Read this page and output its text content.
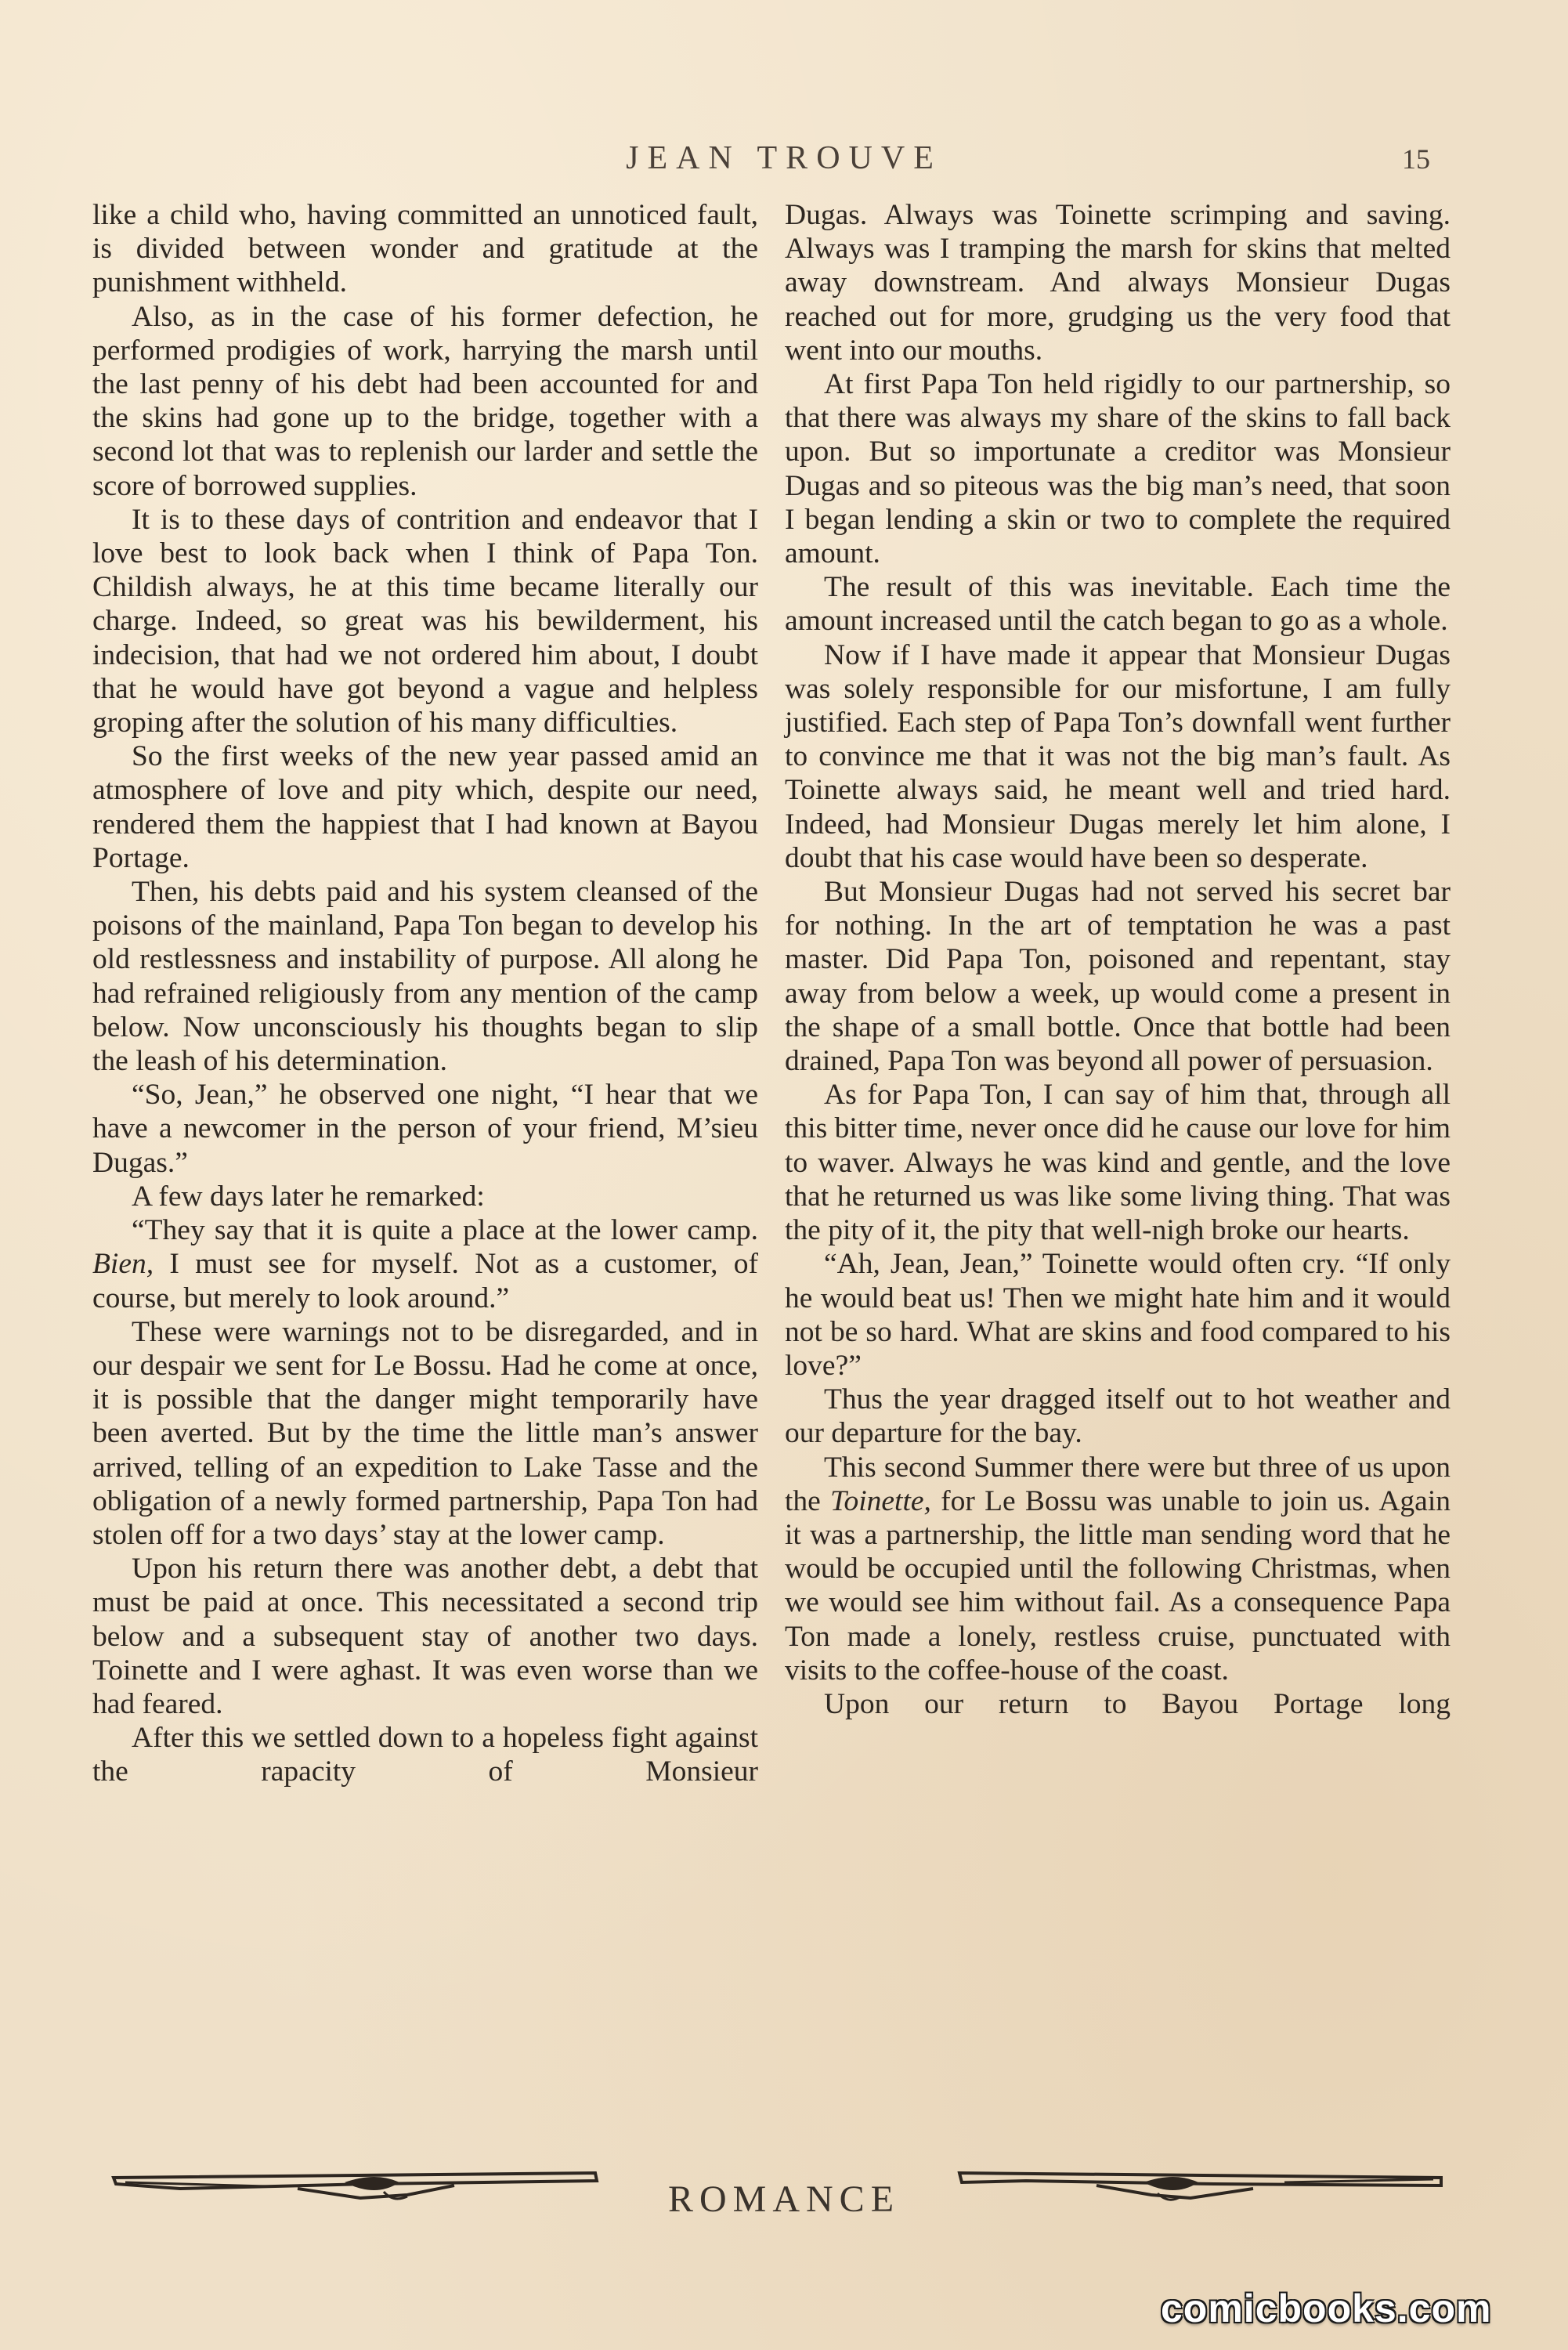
JEAN TROUVE	15

like a child who, having committed an unnoticed fault, is divided between wonder and gratitude at the punishment withheld.

Also, as in the case of his former defection, he performed prodigies of work, harrying the marsh until the last penny of his debt had been accounted for and the skins had gone up to the bridge, together with a second lot that was to replenish our larder and settle the score of borrowed supplies.

It is to these days of contrition and endeavor that I love best to look back when I think of Papa Ton. Childish always, he at this time became literally our charge. Indeed, so great was his bewilderment, his indecision, that had we not ordered him about, I doubt that he would have got beyond a vague and helpless groping after the solution of his many difficulties.

So the first weeks of the new year passed amid an atmosphere of love and pity which, despite our need, rendered them the happiest that I had known at Bayou Portage.

Then, his debts paid and his system cleansed of the poisons of the mainland, Papa Ton began to develop his old restlessness and instability of purpose. All along he had refrained religiously from any mention of the camp below. Now unconsciously his thoughts began to slip the leash of his determination.

“So, Jean,” he observed one night, “I hear that we have a newcomer in the person of your friend, M’sieu Dugas.”

A few days later he remarked:

“They say that it is quite a place at the lower camp. Bien, I must see for myself. Not as a customer, of course, but merely to look around.”

These were warnings not to be disregarded, and in our despair we sent for Le Bossu. Had he come at once, it is possible that the danger might temporarily have been averted. But by the time the little man’s answer arrived, telling of an expedition to Lake Tasse and the obligation of a newly formed partnership, Papa Ton had stolen off for a two days’ stay at the lower camp.

Upon his return there was another debt, a debt that must be paid at once. This necessitated a second trip below and a subsequent stay of another two days. Toinette and I were aghast. It was even worse than we had feared.

After this we settled down to a hopeless fight against the rapacity of Monsieur

Dugas. Always was Toinette scrimping and saving. Always was I tramping the marsh for skins that melted away downstream. And always Monsieur Dugas reached out for more, grudging us the very food that went into our mouths.

At first Papa Ton held rigidly to our partnership, so that there was always my share of the skins to fall back upon. But so importunate a creditor was Monsieur Dugas and so piteous was the big man’s need, that soon I began lending a skin or two to complete the required amount.

The result of this was inevitable. Each time the amount increased until the catch began to go as a whole.

Now if I have made it appear that Monsieur Dugas was solely responsible for our misfortune, I am fully justified. Each step of Papa Ton’s downfall went further to convince me that it was not the big man’s fault. As Toinette always said, he meant well and tried hard. Indeed, had Monsieur Dugas merely let him alone, I doubt that his case would have been so desperate.

But Monsieur Dugas had not served his secret bar for nothing. In the art of temptation he was a past master. Did Papa Ton, poisoned and repentant, stay away from below a week, up would come a present in the shape of a small bottle. Once that bottle had been drained, Papa Ton was beyond all power of persuasion.

As for Papa Ton, I can say of him that, through all this bitter time, never once did he cause our love for him to waver. Always he was kind and gentle, and the love that he returned us was like some living thing. That was the pity of it, the pity that well-nigh broke our hearts.

“Ah, Jean, Jean,” Toinette would often cry. “If only he would beat us! Then we might hate him and it would not be so hard. What are skins and food compared to his love?”

Thus the year dragged itself out to hot weather and our departure for the bay.

This second Summer there were but three of us upon the Toinette, for Le Bossu was unable to join us. Again it was a partnership, the little man sending word that he would be occupied until the following Christmas, when we would see him without fail. As a consequence Papa Ton made a lonely, restless cruise, punctuated with visits to the coffee-house of the coast.

Upon our return to Bayou Portage long

ROMANCE
comicbooks.com
